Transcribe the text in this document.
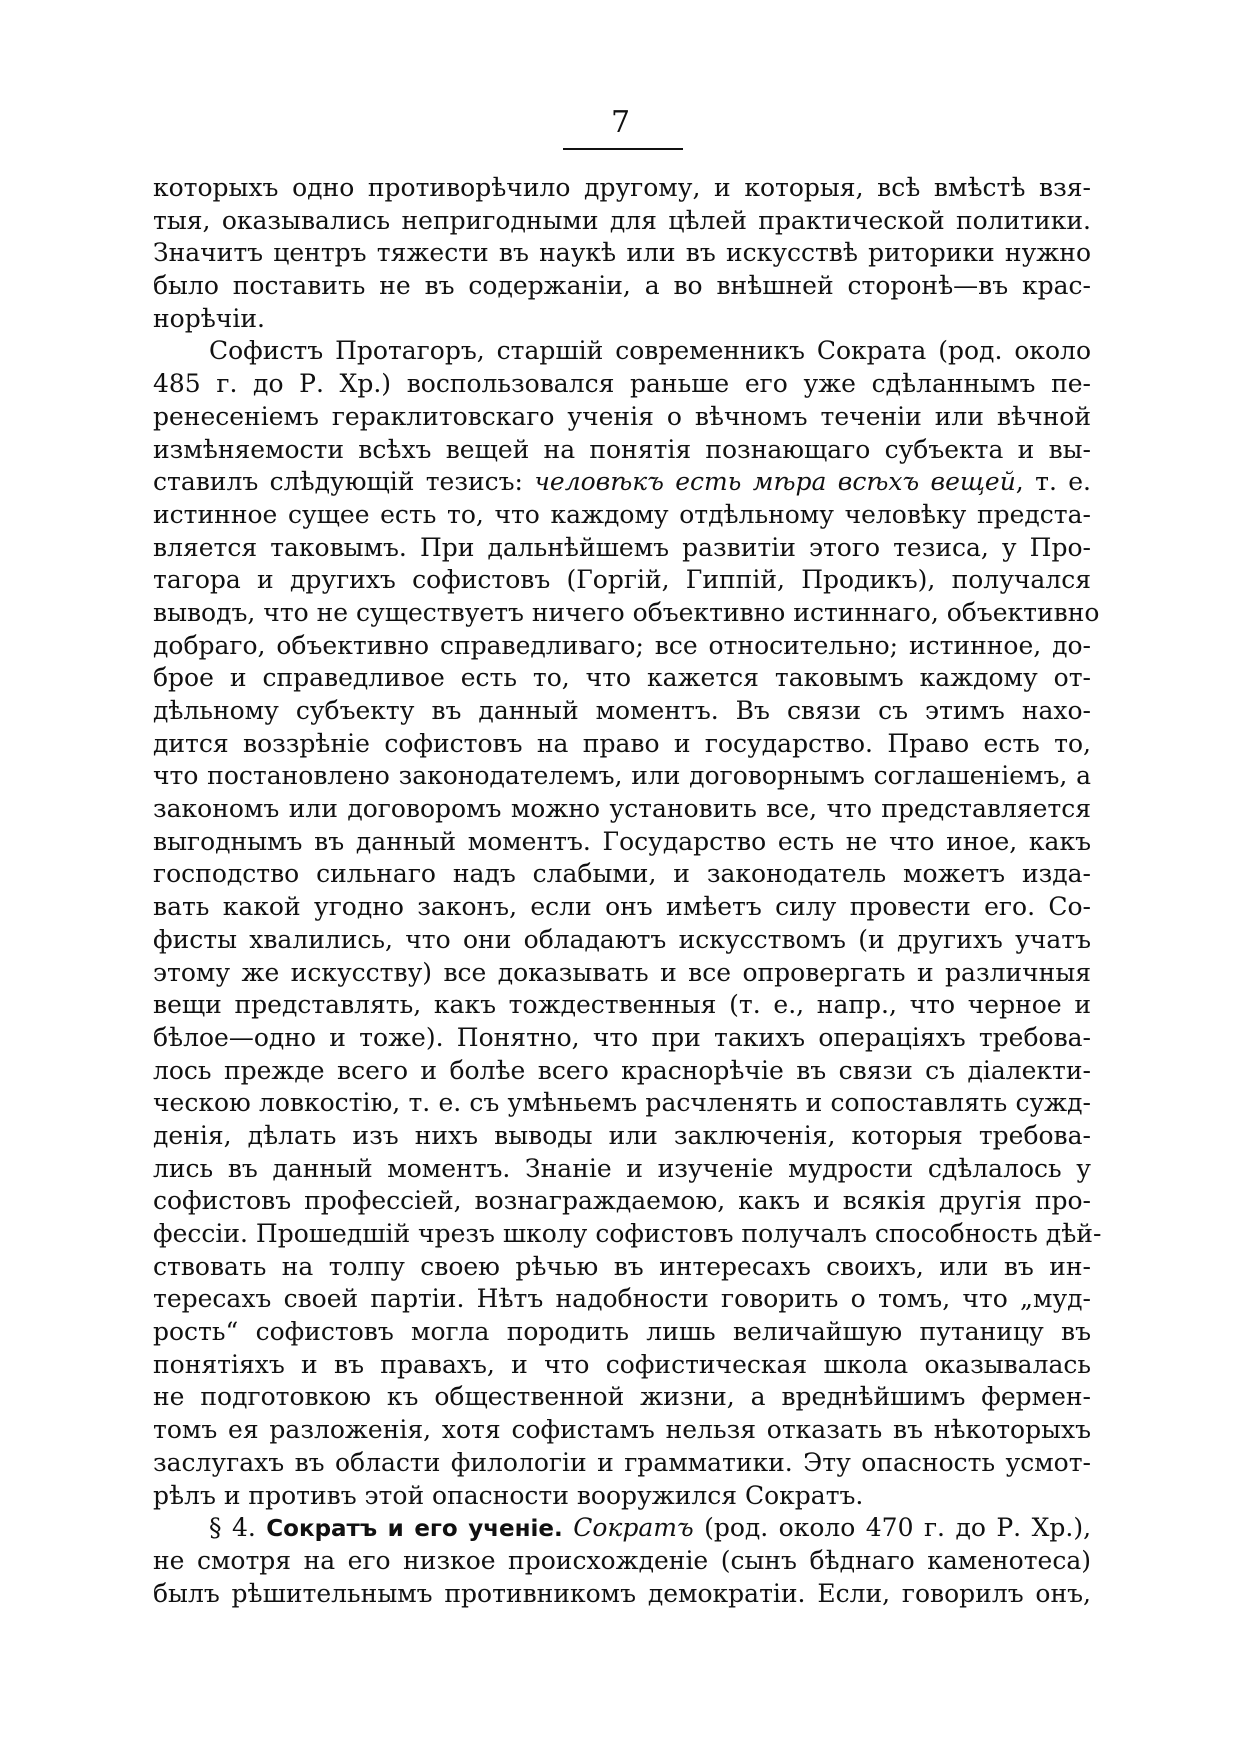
7
которыхъ одно противорѣчило другому, и которыя, всѣ вмѣстѣ взя-
тыя, оказывались непригодными для цѣлей практической политики.
Значитъ центръ тяжести въ наукѣ или въ искусствѣ риторики нужно
было поставить не въ содержаніи, а во внѣшней сторонѣ—въ крас-
норѣчіи.
Софистъ Протагоръ, старшій современникъ Сократа (род. около
485 г. до Р. Хр.) воспользовался раньше его уже сдѣланнымъ пе-
ренесеніемъ гераклитовскаго ученія о вѣчномъ теченіи или вѣчной
измѣняемости всѣхъ вещей на понятія познающаго субъекта и вы-
ставилъ слѣдующій тезисъ: человѣкъ есть мѣра всѣхъ вещей, т. е.
истинное сущее есть то, что каждому отдѣльному человѣку предста-
вляется таковымъ. При дальнѣйшемъ развитіи этого тезиса, у Про-
тагора и другихъ софистовъ (Горгій, Гиппій, Продикъ), получался
выводъ, что не существуетъ ничего объективно истиннаго, объективно
добраго, объективно справедливаго; все относительно; истинное, до-
брое и справедливое есть то, что кажется таковымъ каждому от-
дѣльному субъекту въ данный моментъ. Въ связи съ этимъ нахо-
дится воззрѣніе софистовъ на право и государство. Право есть то,
что постановлено законодателемъ, или договорнымъ соглашеніемъ, а
закономъ или договоромъ можно установить все, что представляется
выгоднымъ въ данный моментъ. Государство есть не что иное, какъ
господство сильнаго надъ слабыми, и законодатель можетъ изда-
вать какой угодно законъ, если онъ имѣетъ силу провести его. Со-
фисты хвалились, что они обладаютъ искусствомъ (и другихъ учатъ
этому же искусству) все доказывать и все опровергать и различныя
вещи представлять, какъ тождественныя (т. е., напр., что черное и
бѣлое—одно и тоже). Понятно, что при такихъ операціяхъ требова-
лось прежде всего и болѣе всего краснорѣчіе въ связи съ діалекти-
ческою ловкостію, т. е. съ умѣньемъ расчленять и сопоставлять сужд-
денія, дѣлать изъ нихъ выводы или заключенія, которыя требова-
лись въ данный моментъ. Знаніе и изученіе мудрости сдѣлалось у
софистовъ профессіей, вознаграждаемою, какъ и всякія другія про-
фессіи. Прошедшій чрезъ школу софистовъ получалъ способность дѣй-
ствовать на толпу своею рѣчью въ интересахъ своихъ, или въ ин-
тересахъ своей партіи. Нѣтъ надобности говорить о томъ, что „муд-
рость“ софистовъ могла породить лишь величайшую путаницу въ
понятіяхъ и въ правахъ, и что софистическая школа оказывалась
не подготовкою къ общественной жизни, а вреднѣйшимъ фермен-
томъ ея разложенія, хотя софистамъ нельзя отказать въ нѣкоторыхъ
заслугахъ въ области филологіи и грамматики. Эту опасность усмот-
рѣлъ и противъ этой опасности вооружился Сократъ.
§ 4. Сократъ и его ученіе. Сократъ (род. около 470 г. до Р. Хр.),
не смотря на его низкое происхожденіе (сынъ бѣднаго каменотеса)
былъ рѣшительнымъ противникомъ демократіи. Если, говорилъ онъ,
